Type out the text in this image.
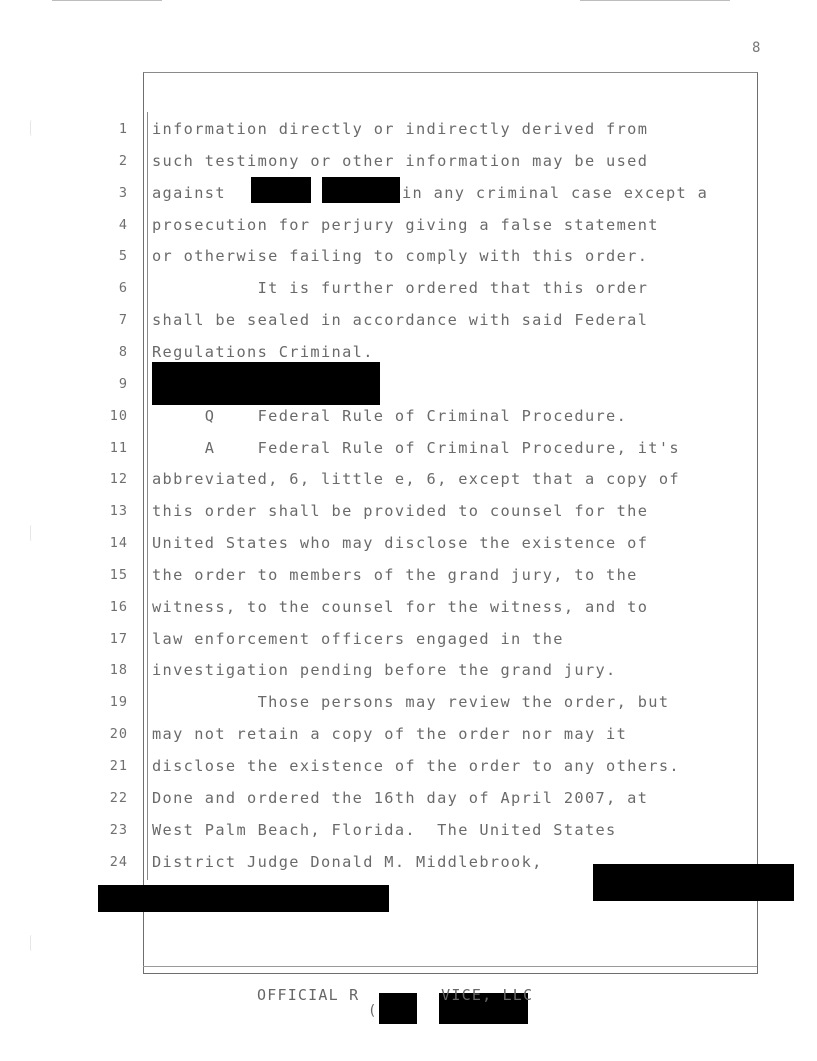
8
1 information directly or indirectly derived from
2 such testimony or other information may be used
3 against	in any criminal case except a
4 prosecution for perjury giving a false statement
5 or otherwise failing to comply with this order.
6 It is further ordered that this order
7 shall be sealed in accordance with said Federal
8 Regulations Criminal.
9
10 Q    Federal Rule of Criminal Procedure.
11 A    Federal Rule of Criminal Procedure, it's
12 abbreviated, 6, little e, 6, except that a copy of
13 this order shall be provided to counsel for the
14 United States who may disclose the existence of
15 the order to members of the grand jury, to the
16 witness, to the counsel for the witness, and to
17 law enforcement officers engaged in the
18 investigation pending before the grand jury.
19 Those persons may review the order, but
20 may not retain a copy of the order nor may it
21 disclose the existence of the order to any others.
22 Done and ordered the 16th day of April 2007, at
23 West Palm Beach, Florida.  The United States
24 District Judge Donald M. Middlebrook,
OFFICIAL R        VICE, LLC
(
